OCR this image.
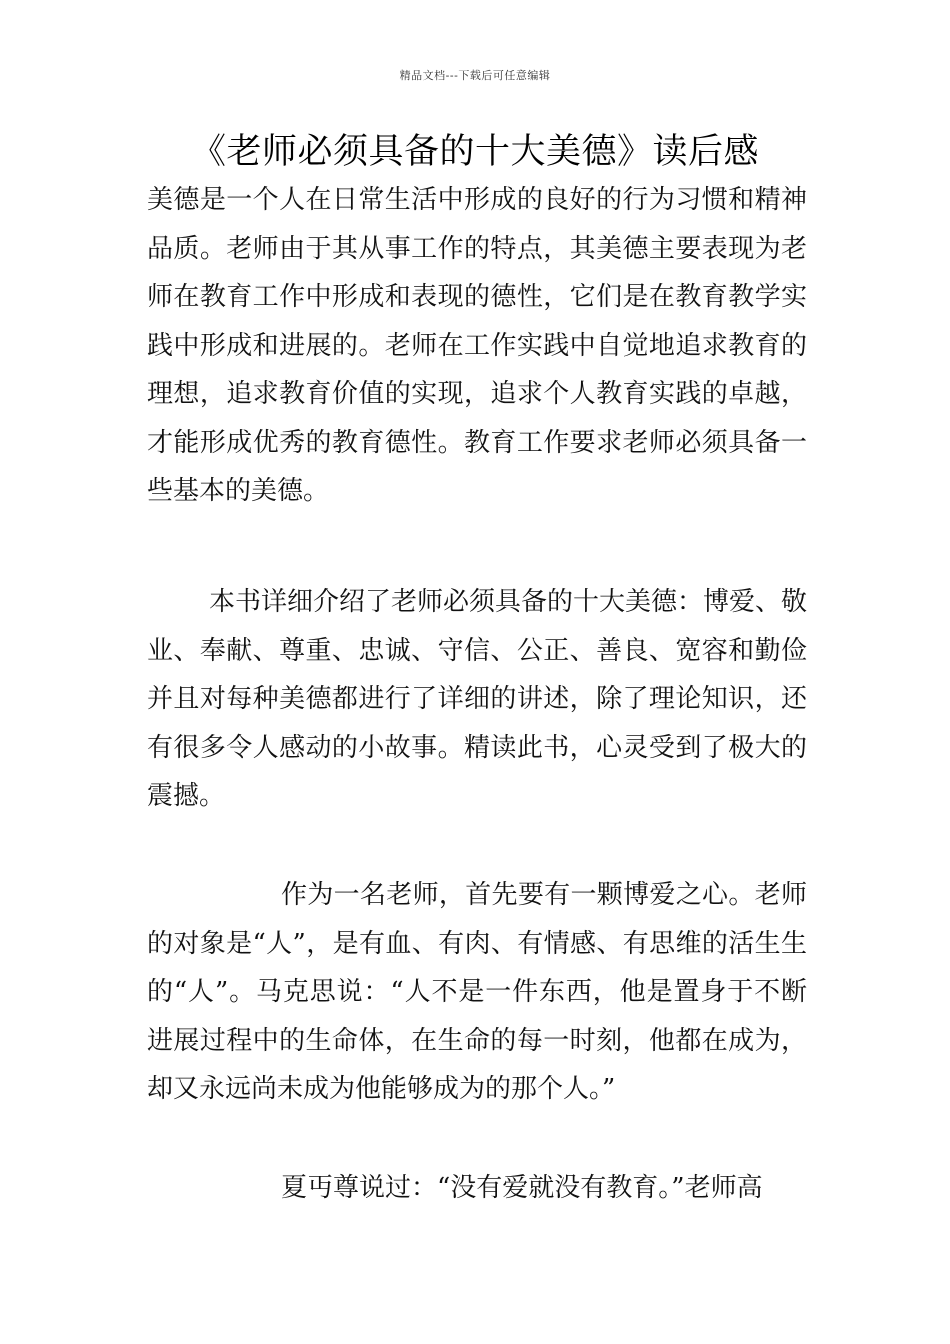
精品文档---下载后可任意编辑
《老师必须具备的十大美德》读后感
美德是一个人在日常生活中形成的良好的行为习惯和精神品质。老师由于其从事工作的特点，其美德主要表现为老师在教育工作中形成和表现的德性，它们是在教育教学实践中形成和进展的。老师在工作实践中自觉地追求教育的理想，追求教育价值的实现，追求个人教育实践的卓越，才能形成优秀的教育德性。教育工作要求老师必须具备一些基本的美德。
本书详细介绍了老师必须具备的十大美德：博爱、敬业、奉献、尊重、忠诚、守信、公正、善良、宽容和勤俭并且对每种美德都进行了详细的讲述，除了理论知识，还有很多令人感动的小故事。精读此书，心灵受到了极大的震撼。
作为一名老师，首先要有一颗博爱之心。老师的对象是“人”，是有血、有肉、有情感、有思维的活生生的“人”。马克思说：“人不是一件东西，他是置身于不断进展过程中的生命体，在生命的每一时刻，他都在成为，却又永远尚未成为他能够成为的那个人。”
夏丏尊说过：“没有爱就没有教育。”老师高
